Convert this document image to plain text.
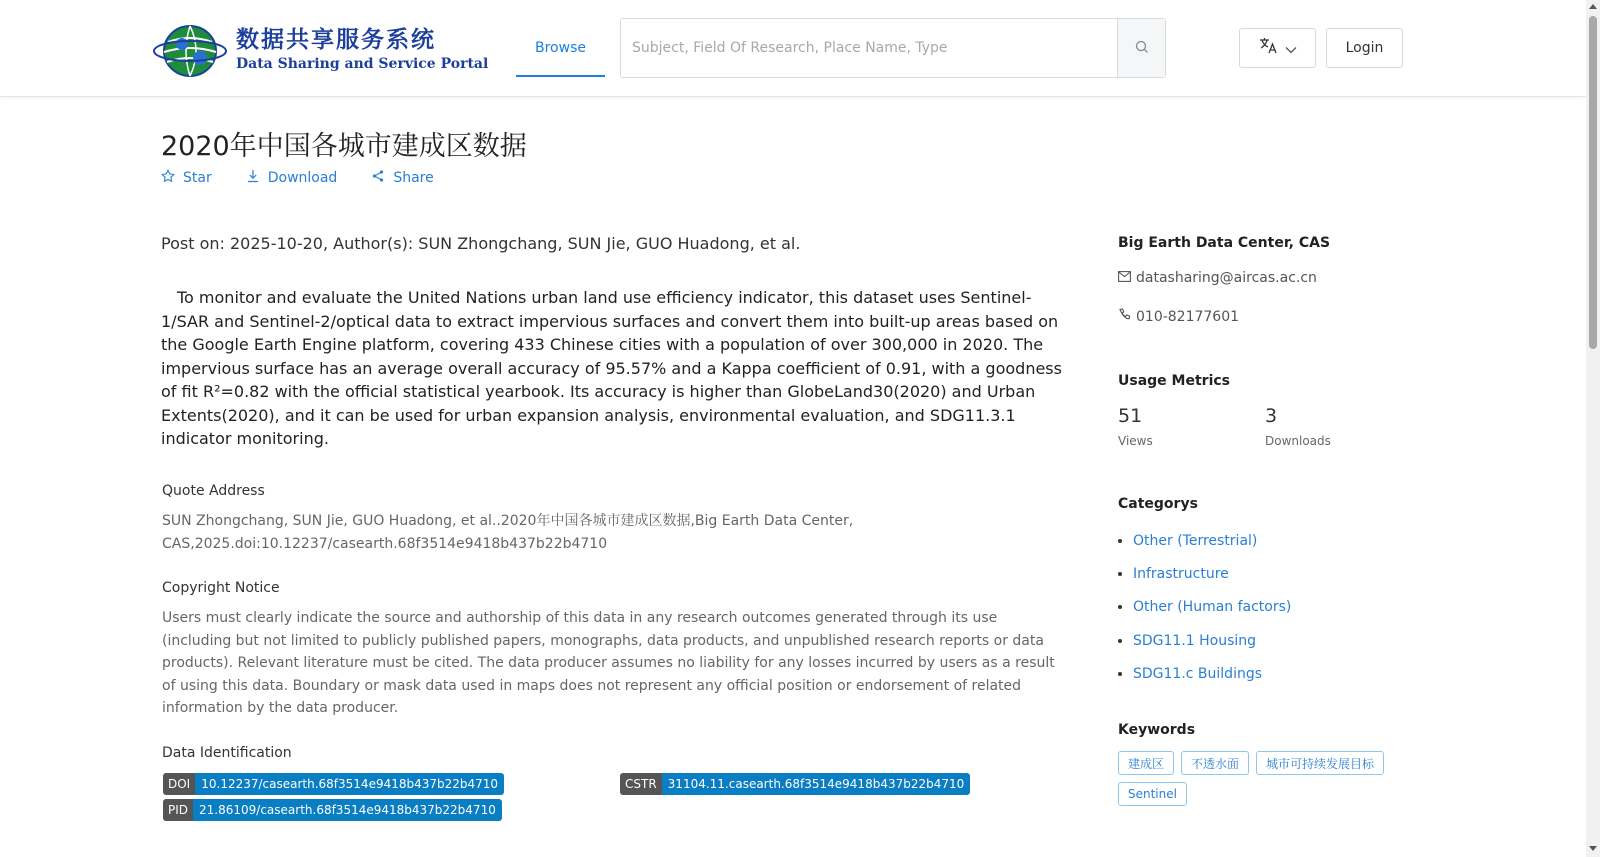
数据共享服务系统
Data Sharing and Service Portal
Browse
Subject, Field Of Research, Place Name, Type	Login
2020年中国各城市建成区数据
Star	Download	Share
Post on: 2025-10-20, Author(s): SUN Zhongchang, SUN Jie, GUO Huadong, et al.

To monitor and evaluate the United Nations urban land use efficiency indicator, this dataset uses Sentinel-1/SAR and Sentinel-2/optical data to extract impervious surfaces and convert them into built-up areas based on the Google Earth Engine platform, covering 433 Chinese cities with a population of over 300,000 in 2020. The impervious surface has an average overall accuracy of 95.57% and a Kappa coefficient of 0.91, with a goodness of fit R²=0.82 with the official statistical yearbook. Its accuracy is higher than GlobeLand30(2020) and Urban Extents(2020), and it can be used for urban expansion analysis, environmental evaluation, and SDG11.3.1 indicator monitoring.

Quote Address
SUN Zhongchang, SUN Jie, GUO Huadong, et al..2020年中国各城市建成区数据,Big Earth Data Center, CAS,2025.doi:10.12237/casearth.68f3514e9418b437b22b4710
Copyright Notice
Users must clearly indicate the source and authorship of this data in any research outcomes generated through its use (including but not limited to publicly published papers, monographs, data products, and unpublished research reports or data products). Relevant literature must be cited. The data producer assumes no liability for any losses incurred by users as a result of using this data. Boundary or mask data used in maps does not represent any official position or endorsement of related information by the data producer.
Data Identification
DOI 10.12237/casearth.68f3514e9418b437b22b4710	CSTR 31104.11.casearth.68f3514e9418b437b22b4710
PID 21.86109/casearth.68f3514e9418b437b22b4710
Big Earth Data Center, CAS
datasharing@aircas.ac.cn
010-82177601
Usage Metrics
51
Views
3
Downloads
Categorys
Other (Terrestrial)
Infrastructure
Other (Human factors)
SDG11.1 Housing
SDG11.c Buildings
Keywords
建成区	不透水面	城市可持续发展目标
Sentinel
